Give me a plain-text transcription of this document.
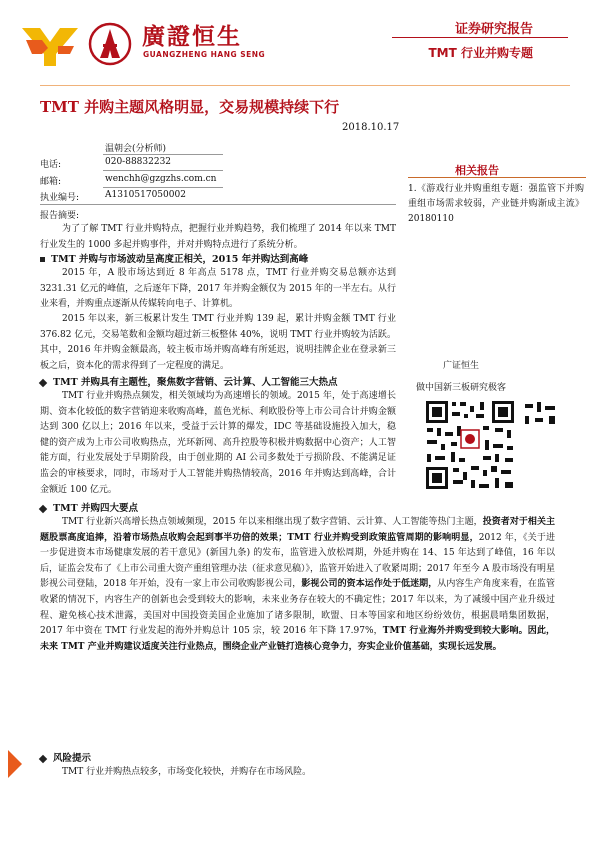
廣證恒生
GUANGZHENG HANG SENG
证券研究报告
TMT 行业并购专题
TMT 并购主题风格明显，交易规模持续下行
2018.10.17
温朝会(分析师)
电话:	020-88832232
邮箱:	wenchh@gzgzhs.com.cn
执业编号:	A1310517050002
报告摘要:

为了了解 TMT 行业并购特点，把握行业并购趋势，我们梳理了 2014 年以来 TMT 行业发生的 1000 多起并购事件，并对并购特点进行了系统分析。

TMT 并购与市场波动呈高度正相关，2015 年并购达到高峰

2015 年，A 股市场达到近 8 年高点 5178 点，TMT 行业并购交易总额亦达到 3231.31 亿元的峰值，之后逐年下降，2017 年并购金额仅为 2015 年的一半左右。从行业来看，并购重点逐渐从传媒转向电子、计算机。

2015 年以来，新三板累计发生 TMT 行业并购 139 起，累计并购金额 TMT 行业 376.82 亿元，交易笔数和金额均超过新三板整体 40%，说明 TMT 行业并购较为活跃。其中，2016 年并购金额最高，较主板市场并购高峰有所延迟，说明挂牌企业在登录新三板之后，资本化的需求得到了一定程度的满足。

TMT 并购具有主题性，聚焦数字营销、云计算、人工智能三大热点

TMT 行业并购热点频发，相关领域均为高速增长的领域。2015 年，处于高速增长期、资本化较低的数字营销迎来收购高峰，蓝色光标、利欧股份等上市公司合计并购金额达到 300 亿以上；2016 年以来，受益于云计算的爆发，IDC 等基础设施投入加大，稳健的资产成为上市公司收购热点，光环新网、高升控股等积极并购数据中心资产；人工智能方面，行业发展处于早期阶段，由于创业期的 AI 公司多数处于亏损阶段、不能满足证监会的审核要求，同时，市场对于人工智能并购热情较高，2016 年并购达到高峰，合计金额近 100 亿元。

TMT 并购四大要点

TMT 行业新兴高增长热点领域频现，2015 年以来相继出现了数字营销、云计算、人工智能等热门主题，投资者对于相关主题股票高度追捧，沿着市场热点收购会起到事半功倍的效果；TMT 行业并购受到政策监管周期的影响明显，2012 年，《关于进一步促进资本市场健康发展的若干意见》(新国九条) 的发布，监管进入放松周期，外延并购在 14、15 年达到了峰值，16 年以后，证监会发布了《上市公司重大资产重组管理办法（征求意见稿）》，监管开始进入了收紧周期；2017 年至今 A 股市场没有明星影视公司登陆，2018 年开始，没有一家上市公司收购影视公司，影视公司的资本运作处于低迷期，从内容生产角度来看，在监管收紧的情况下，内容生产的创新也会受到较大的影响，未来业务存在较大的不确定性；2017 年以来，为了减缓中国产业升级过程、避免核心技术泄露，美国对中国投资美国企业施加了诸多限制，欧盟、日本等国家和地区纷纷效仿，根据晨哨集团数据，2017 年中资在 TMT 行业发起的海外并购总计 105 宗，较 2016 年下降 17.97%，TMT 行业海外并购受到较大影响。因此，未来 TMT 产业并购建议适度关注行业热点，围绕企业产业链打造核心竞争力，夯实企业价值基础，实现长远发展。

风险提示

TMT 行业并购热点较多，市场变化较快，并购存在市场风险。

相关报告

1.《游戏行业并购重组专题：强监管下并购重组市场需求较弱，产业链并购渐成主流》20180110

广证恒生
做中国新三板研究极客
